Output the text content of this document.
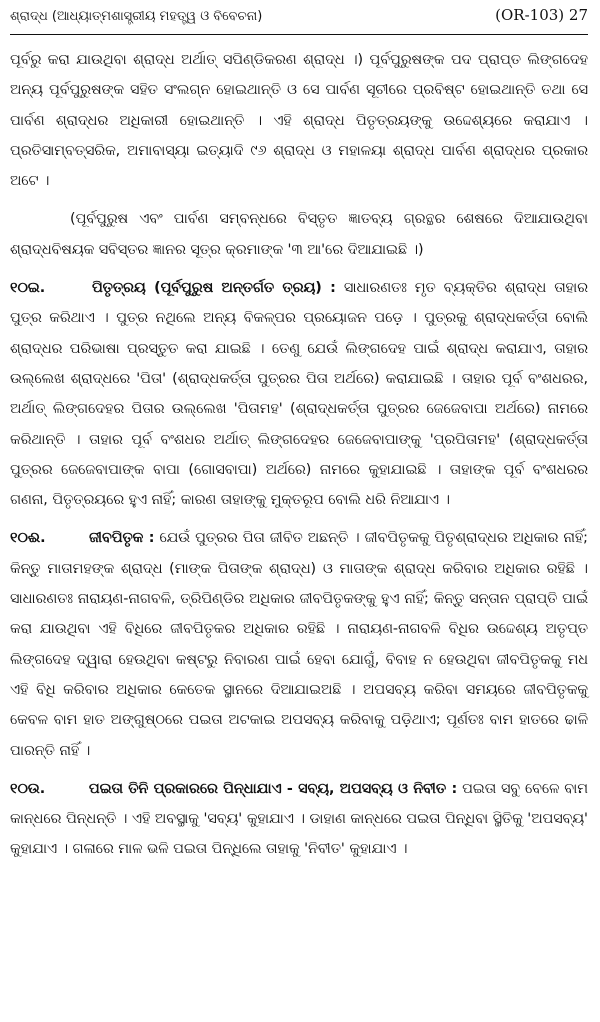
ଶ୍ରାଦ୍ଧ (ଆଧ୍ୟାତ୍ମଶାସ୍ତ୍ରୀୟ ମହତ୍ତ୍ୱ ଓ ବିବେଚନା)	(OR-103) 27

ପୂର୍ବରୁ କରା ଯାଉଥିବା ଶ୍ରାଦ୍ଧ ଅର୍ଥାତ୍ ସପିଣ୍ଡିକରଣ ଶ୍ରାଦ୍ଧ ।) ପୂର୍ବପୁରୁଷଙ୍କ ପଦ ପ୍ରାପ୍ତ ଲିଙ୍ଗଦେହ ଅନ୍ୟ ପୂର୍ବପୁରୁଷଙ୍କ ସହିତ ସଂଲଗ୍ନ ହୋଇଥାନ୍ତି ଓ ସେ ପାର୍ବଣ ସୂଚୀରେ ପ୍ରବିଷ୍ଟ ହୋଇଥାନ୍ତି ତଥା ସେ ପାର୍ବଣ ଶ୍ରାଦ୍ଧର ଅଧିକାରୀ ହୋଇଥାନ୍ତି । ଏହି ଶ୍ରାଦ୍ଧ ପିତୃତ୍ରୟଙ୍କୁ ଉଦ୍ଦେଶ୍ୟରେ କରାଯାଏ । ପ୍ରତିସାମ୍ବତ୍ସରିକ, ଅମାବାସ୍ୟା ଇତ୍ୟାଦି ୯୬ ଶ୍ରାଦ୍ଧ ଓ ମହାଳୟା ଶ୍ରାଦ୍ଧ ପାର୍ବଣ ଶ୍ରାଦ୍ଧର ପ୍ରକାର ଅଟେ ।

(ପୂର୍ବପୁରୁଷ ଏବଂ ପାର୍ବଣ ସମ୍ବନ୍ଧରେ ବିସ୍ତୃତ ଜ୍ଞାତବ୍ୟ ଗ୍ରନ୍ଥର ଶେଷରେ ଦିଆଯାଉଥିବା ଶ୍ରାଦ୍ଧବିଷୟକ ସବିସ୍ତର ଜ୍ଞାନର ସୂତ୍ର କ୍ରମାଙ୍କ '୩ ଆ'ରେ ଦିଆଯାଇଛି ।)

୧୦ଇ.	ପିତୃତ୍ରୟ (ପୂର୍ବପୁରୁଷ ଅନ୍ତର୍ଗତ ତ୍ରୟ) : ସାଧାରଣତଃ ମୃତ ବ୍ୟକ୍ତିର ଶ୍ରାଦ୍ଧ ତାହାର ପୁତ୍ର କରିଥାଏ । ପୁତ୍ର ନଥିଲେ ଅନ୍ୟ ବିକଳ୍ପର ପ୍ରୟୋଜନ ପଡ଼େ । ପୁତ୍ରକୁ ଶ୍ରାଦ୍ଧକର୍ତ୍ତା ବୋଲି ଶ୍ରାଦ୍ଧର ପରିଭାଷା ପ୍ରସ୍ତୁତ କରା ଯାଇଛି । ତେଣୁ ଯେଉଁ ଲିଙ୍ଗଦେହ ପାଇଁ ଶ୍ରାଦ୍ଧ କରାଯାଏ, ତାହାର ଉଲ୍ଲେଖ ଶ୍ରାଦ୍ଧରେ 'ପିତା' (ଶ୍ରାଦ୍ଧକର୍ତ୍ତା ପୁତ୍ରର ପିତା ଅର୍ଥରେ) କରାଯାଇଛି । ତାହାର ପୂର୍ବ ବଂଶଧରର, ଅର୍ଥାତ୍ ଲିଙ୍ଗଦେହର ପିତାର ଉଲ୍ଲେଖ 'ପିତାମହ' (ଶ୍ରାଦ୍ଧକର୍ତ୍ତା ପୁତ୍ରର ଜେଜେବାପା ଅର୍ଥରେ) ନାମରେ କରିଥାନ୍ତି । ତାହାର ପୂର୍ବ ବଂଶଧର ଅର୍ଥାତ୍ ଲିଙ୍ଗଦେହର ଜେଜେବାପାଙ୍କୁ 'ପ୍ରପିତାମହ' (ଶ୍ରାଦ୍ଧକର୍ତ୍ତା ପୁତ୍ରର ଜେଜେବାପାଙ୍କ ବାପା (ଗୋସବାପା) ଅର୍ଥରେ) ନାମରେ କୁହାଯାଇଛି । ତାହାଙ୍କ ପୂର୍ବ ବଂଶଧରର ଗଣନା, ପିତୃତ୍ରୟରେ ହୁଏ ନାହିଁ; କାରଣ ତାହାଙ୍କୁ ମୁକ୍ତରୂପ ବୋଲି ଧରି ନିଆଯାଏ ।

୧୦ଈ.	ଜୀବପିତୃକ : ଯେଉଁ ପୁତ୍ରର ପିତା ଜୀବିତ ଅଛନ୍ତି । ଜୀବପିତୃକକୁ ପିତୃଶ୍ରାଦ୍ଧର ଅଧିକାର ନାହିଁ; କିନ୍ତୁ ମାତାମହଙ୍କ ଶ୍ରାଦ୍ଧ (ମାଙ୍କ ପିତାଙ୍କ ଶ୍ରାଦ୍ଧ) ଓ ମାତାଙ୍କ ଶ୍ରାଦ୍ଧ କରିବାର ଅଧିକାର ରହିଛି । ସାଧାରଣତଃ ନାରାୟଣ-ନାଗବଳି, ତ୍ରିପିଣ୍ଡିର ଅଧିକାର ଜୀବପିତୃକଙ୍କୁ ହୁଏ ନାହିଁ; କିନ୍ତୁ ସନ୍ତାନ ପ୍ରାପ୍ତି ପାଇଁ କରା ଯାଉଥିବା ଏହି ବିଧିରେ ଜୀବପିତୃକର ଅଧିକାର ରହିଛି । ନାରାୟଣ-ନାଗବଳି ବିଧିର ଉଦ୍ଦେଶ୍ୟ ଅତୃପ୍ତ ଲିଙ୍ଗଦେହ ଦ୍ୱାରା ହେଉଥିବା କଷ୍ଟରୁ ନିବାରଣ ପାଇଁ ହେବା ଯୋଗୁଁ, ବିବାହ ନ ହେଉଥିବା ଜୀବପିତୃକକୁ ମଧ ଏହି ବିଧି କରିବାର ଅଧିକାର କେତେକ ସ୍ଥାନରେ ଦିଆଯାଇଅଛି । ଅପସବ୍ୟ କରିବା ସମୟରେ ଜୀବପିତୃକକୁ କେବଳ ବାମ ହାତ ଅଙ୍ଗୁଷ୍ଠରେ ପଇତା ଅଟକାଇ ଅପସବ୍ୟ କରିବାକୁ ପଡ଼ିଥାଏ; ପୂର୍ଣତଃ ବାମ ହାତରେ ଢାଳି ପାରନ୍ତି ନାହିଁ ।

୧୦ଉ.	ପଇତା ତିନି ପ୍ରକାରରେ ପିନ୍ଧାଯାଏ - ସବ୍ୟ, ଅପସବ୍ୟ ଓ ନିବୀତ : ପଇତା ସବୁ ବେଳେ ବାମ କାନ୍ଧରେ ପିନ୍ଧନ୍ତି । ଏହି ଅବସ୍ଥାକୁ 'ସବ୍ୟ' କୁହାଯାଏ । ଡାହାଣ କାନ୍ଧରେ ପଇତା ପିନ୍ଧିବା ସ୍ଥିତିକୁ 'ଅପସବ୍ୟ' କୁହାଯାଏ । ଗଳାରେ ମାଳ ଭଳି ପଇତା ପିନ୍ଧିଲେ ତାହାକୁ 'ନିବୀତ' କୁହାଯାଏ ।
